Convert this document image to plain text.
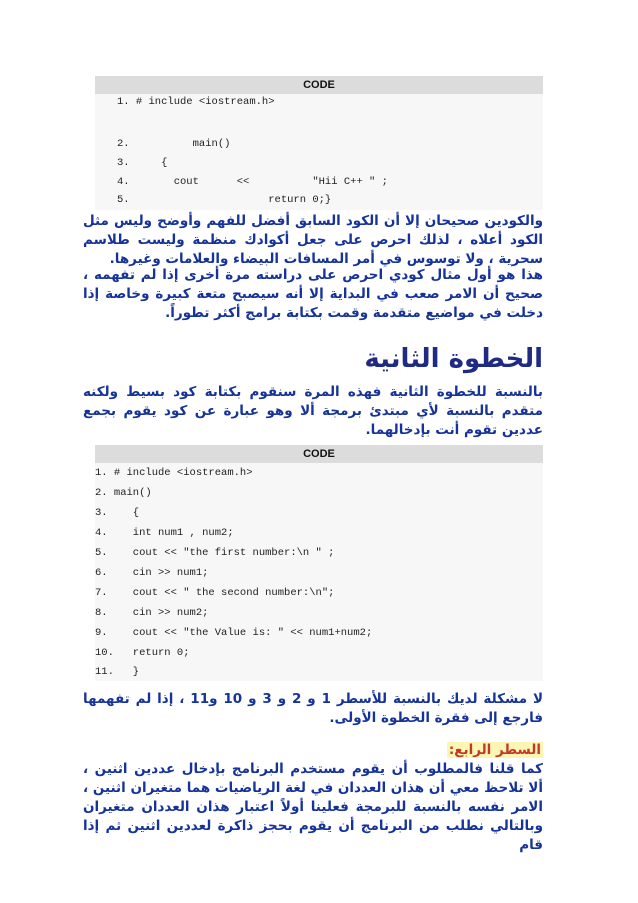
CODE
1. # include <iostream.h>
2.          main()
3.     {
4.       cout      <<          "Hii C++ " ;
5.                      return 0;}

والكودين صحيحان إلا أن الكود السابق أفضل للفهم وأوضح وليس مثل الكود أعلاه ، لذلك احرص على جعل أكوادك منظمة وليست طلاسم سحرية ، ولا توسوس في أمر المسافات البيضاء والعلامات وغيرها.

هذا هو أول مثال كودي احرص على دراسته مرة أخرى إذا لم تفهمه ، صحيح أن الامر صعب في البداية إلا أنه سيصبح متعة كبيرة وخاصة إذا دخلت في مواضيع متقدمة وقمت بكتابة برامج أكثر تطوراً.

الخطوة الثانية

بالنسبة للخطوة الثانية فهذه المرة سنقوم بكتابة كود بسيط ولكنه متقدم بالنسبة لأي مبتدئ برمجة ألا وهو عبارة عن كود يقوم بجمع عددين تقوم أنت بإدخالهما.

CODE
1. # include <iostream.h>
2. main()
3.    {
4.    int num1 , num2;
5.    cout << "the first number:\n " ;
6.    cin >> num1;
7.    cout << " the second number:\n";
8.    cin >> num2;
9.    cout << "the Value is: " << num1+num2;
10.   return 0;
11.   }

لا مشكلة لديك بالنسبة للأسطر 1 و 2 و 3 و 10 و11 ، إذا لم تفهمها فارجع إلى فقرة الخطوة الأولى.

السطر الرابع:

كما قلنا فالمطلوب أن يقوم مستخدم البرنامج بإدخال عددين اثنين ، ألا تلاحظ معي أن هذان العددان في لغة الرياضيات هما متغيران اثنين ، الامر نفسه بالنسبة للبرمجة فعلينا أولاً اعتبار هذان العددان متغيران وبالتالي نطلب من البرنامج أن يقوم بحجز ذاكرة لعددين اثنين ثم إذا قام
